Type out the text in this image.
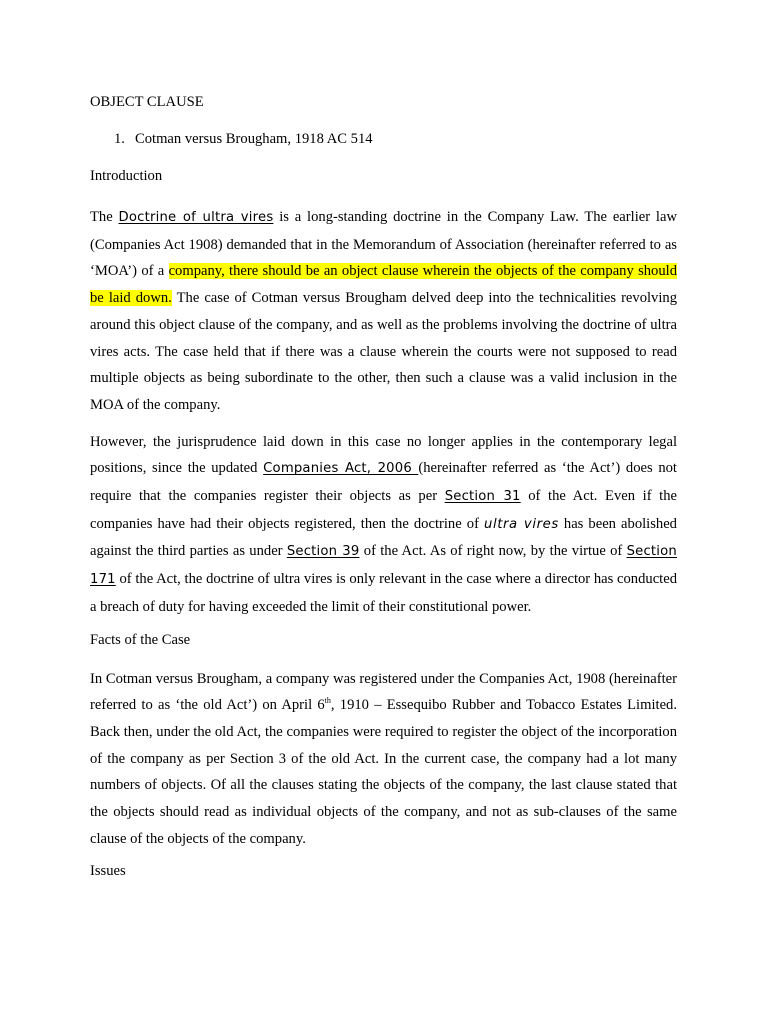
OBJECT CLAUSE

1. Cotman versus Brougham, 1918 AC 514

Introduction

The Doctrine of ultra vires is a long-standing doctrine in the Company Law. The earlier law (Companies Act 1908) demanded that in the Memorandum of Association (hereinafter referred to as ‘MOA’) of a company, there should be an object clause wherein the objects of the company should be laid down. The case of Cotman versus Brougham delved deep into the technicalities revolving around this object clause of the company, and as well as the problems involving the doctrine of ultra vires acts. The case held that if there was a clause wherein the courts were not supposed to read multiple objects as being subordinate to the other, then such a clause was a valid inclusion in the MOA of the company.

However, the jurisprudence laid down in this case no longer applies in the contemporary legal positions, since the updated Companies Act, 2006 (hereinafter referred as ‘the Act’) does not require that the companies register their objects as per Section 31 of the Act. Even if the companies have had their objects registered, then the doctrine of ultra vires has been abolished against the third parties as under Section 39 of the Act. As of right now, by the virtue of Section 171 of the Act, the doctrine of ultra vires is only relevant in the case where a director has conducted a breach of duty for having exceeded the limit of their constitutional power.

Facts of the Case

In Cotman versus Brougham, a company was registered under the Companies Act, 1908 (hereinafter referred to as ‘the old Act’) on April 6th, 1910 – Essequibo Rubber and Tobacco Estates Limited. Back then, under the old Act, the companies were required to register the object of the incorporation of the company as per Section 3 of the old Act. In the current case, the company had a lot many numbers of objects. Of all the clauses stating the objects of the company, the last clause stated that the objects should read as individual objects of the company, and not as sub-clauses of the same clause of the objects of the company.

Issues
